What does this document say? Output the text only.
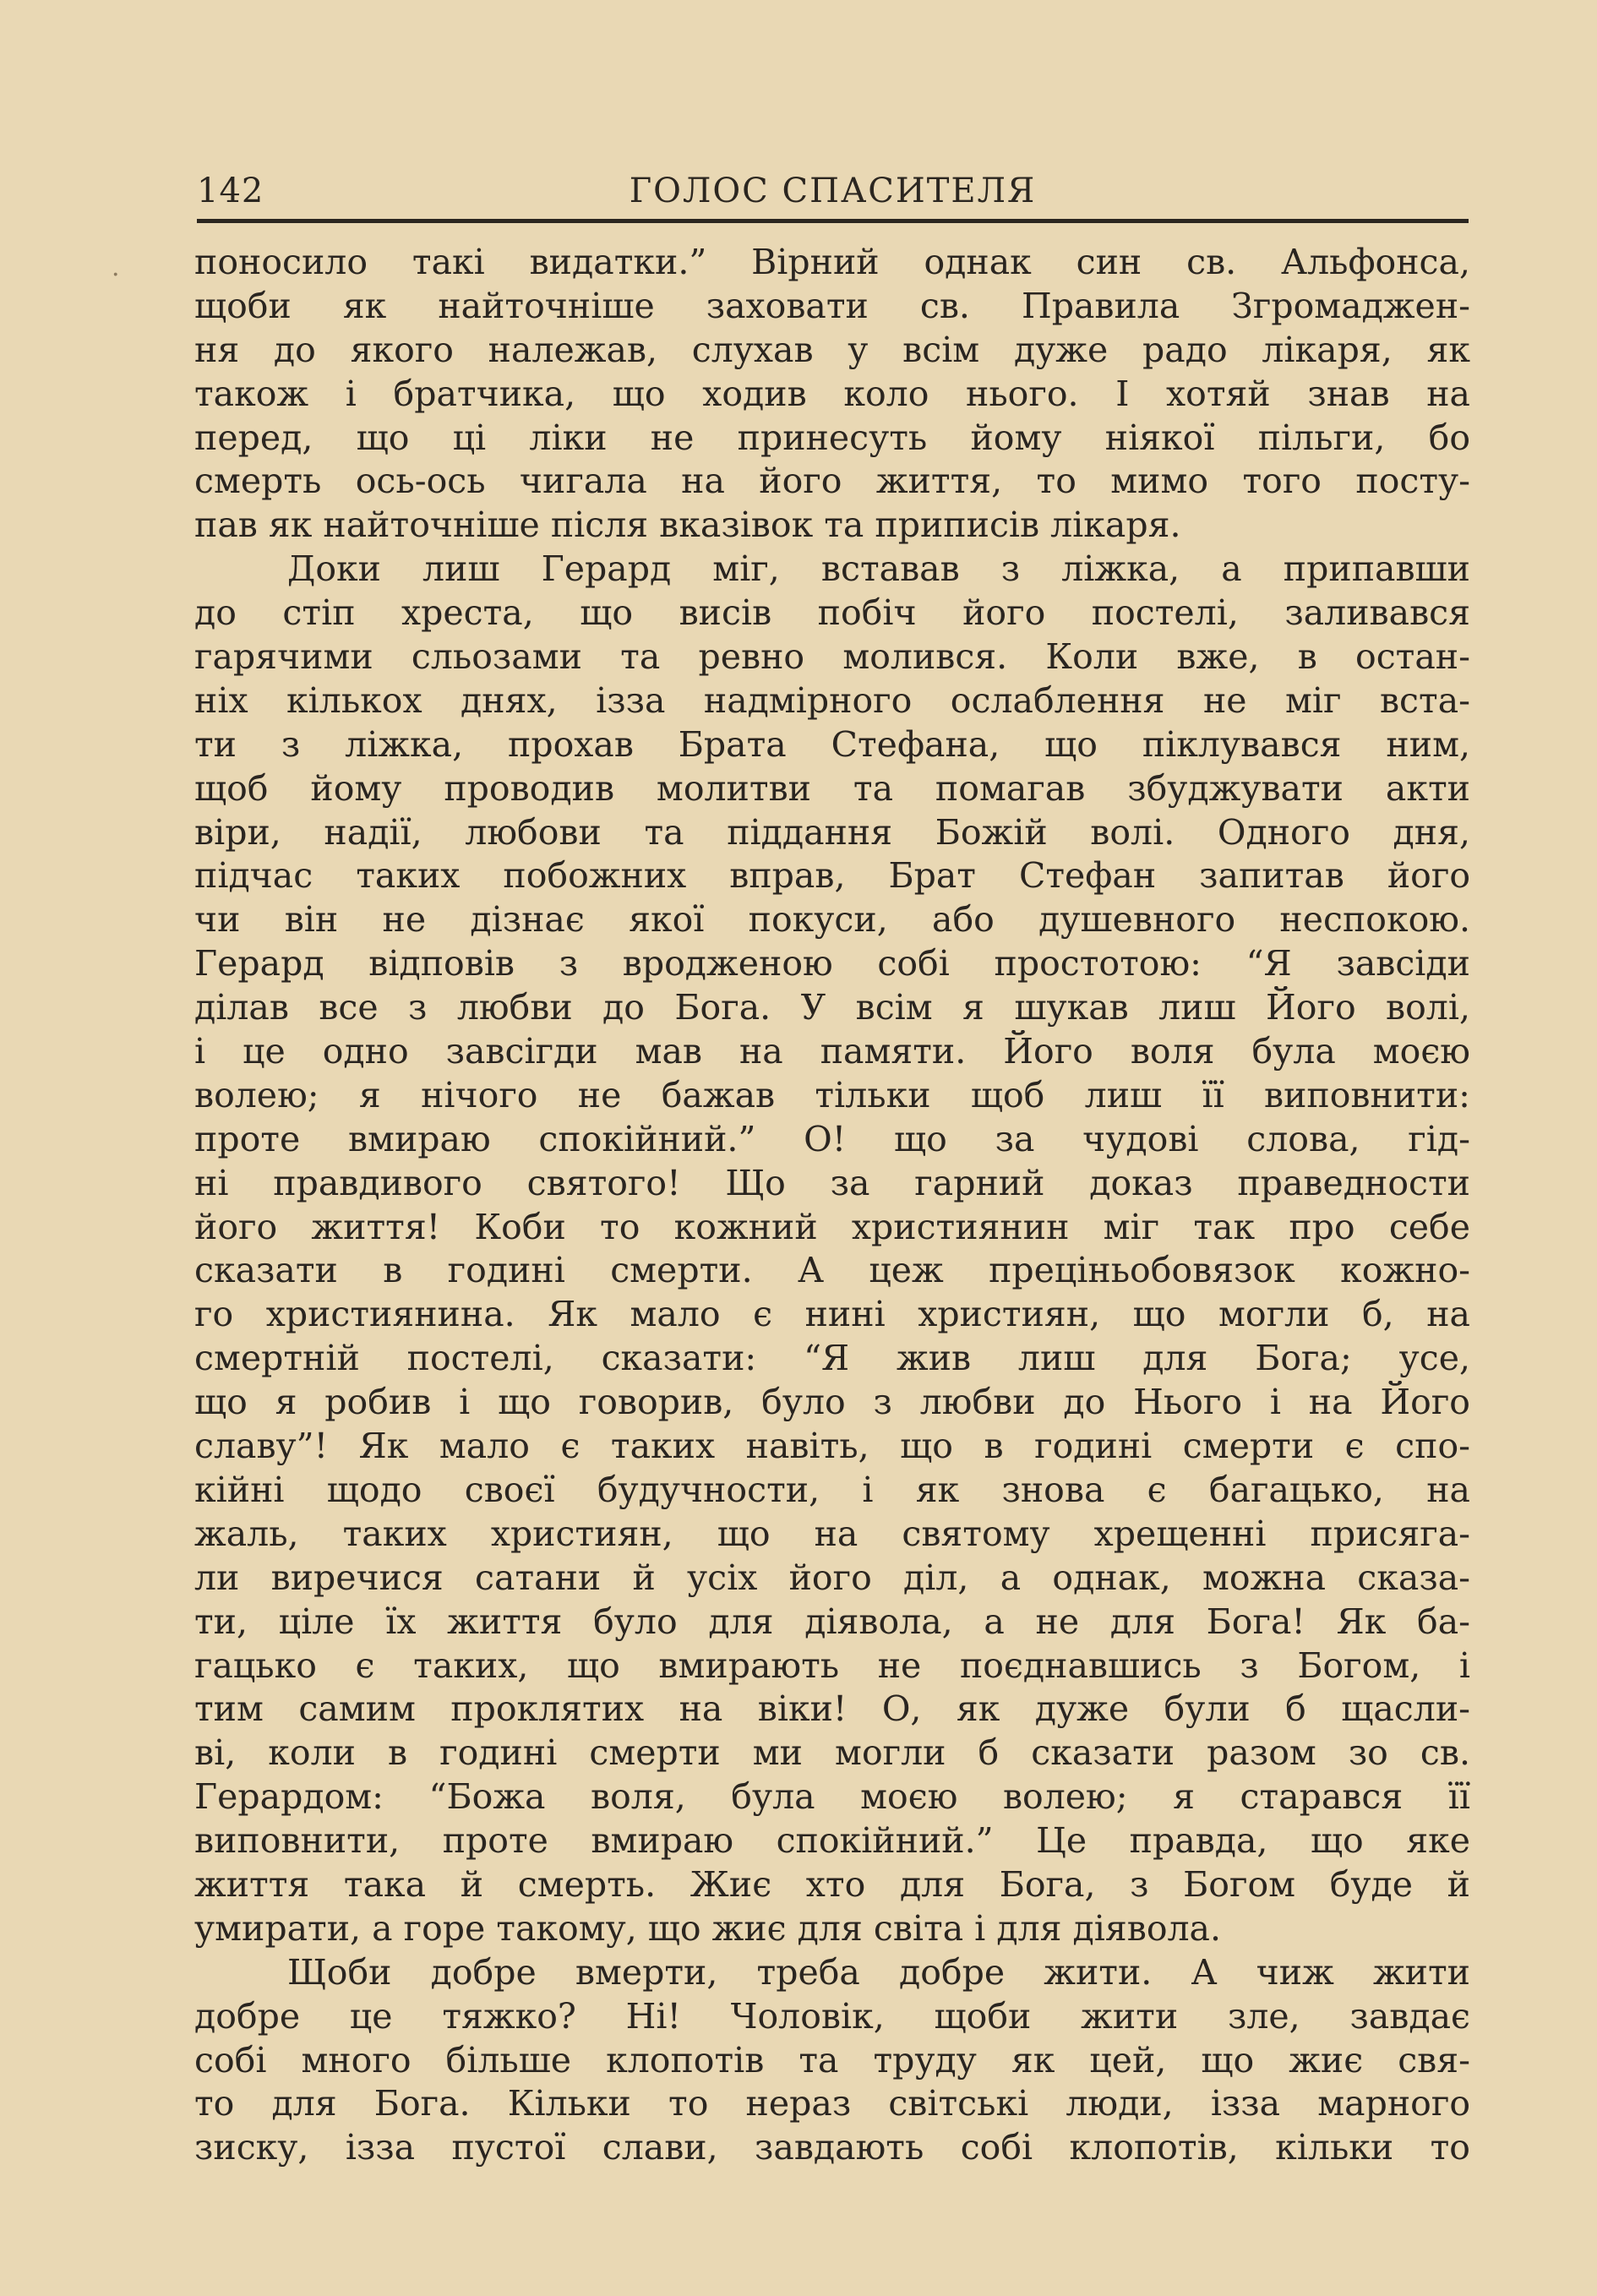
142	ГОЛОС СПАСИТЕЛЯ
· поносило такі видатки.” Вірний однак син св. Альфонса,
щоби як найточніше заховати св. Правила Згромаджен-
ня до якого належав, слухав у всім дуже радо лікаря, як
також і братчика, що ходив коло нього. І хотяй знав на
перед, що ці ліки не принесуть йому ніякої пільги, бо
смерть ось-ось чигала на його життя, то мимо того посту-
пав як найточніше після вказівок та приписів лікаря.
Доки лиш Герард міг, вставав з ліжка, а припавши
до стіп хреста, що висів побіч його постелі, заливався
гарячими сльозами та ревно молився. Коли вже, в остан-
ніх кількох днях, ізза надмірного ослаблення не міг вста-
ти з ліжка, прохав Брата Стефана, що піклувався ним,
щоб йому проводив молитви та помагав збуджувати акти
віри, надії, любови та піддання Божій волі. Одного дня,
підчас таких побожних вправ, Брат Стефан запитав його
чи він не дізнає якої покуси, або душевного неспокою.
Герард відповів з вродженою собі простотою: “Я завсіди
ділав все з любви до Бога. У всім я шукав лиш Його волі,
і це одно завсігди мав на памяти. Його воля була моєю
волею; я нічого не бажав тільки щоб лиш її виповнити:
проте вмираю спокійний.” О! що за чудові слова, гід-
ні правдивого святого! Що за гарний доказ праведности
його життя! Коби то кожний християнин міг так про себе
сказати в годині смерти. А цеж преціньобовязок кожно-
го християнина. Як мало є нині християн, що могли б, на
смертній постелі, сказати: “Я жив лиш для Бога; усе,
що я робив і що говорив, було з любви до Нього і на Його
славу”! Як мало є таких навіть, що в годині смерти є спо-
кійні щодо своєї будучности, і як знова є багацько, на
жаль, таких християн, що на святому хрещенні присяга-
ли виречися сатани й усіх його діл, а однак, можна сказа-
ти, ціле їх життя було для діявола, а не для Бога! Як ба-
гацько є таких, що вмирають не поєднавшись з Богом, і
тим самим проклятих на віки! О, як дуже були б щасли-
ві, коли в годині смерти ми могли б сказати разом зо св.
Герардом: “Божа воля, була моєю волею; я старався її
виповнити, проте вмираю спокійний.” Це правда, що яке
життя така й смерть. Жиє хто для Бога, з Богом буде й
умирати, а горе такому, що жиє для світа і для діявола.
Щоби добре вмерти, треба добре жити. А чиж жити
добре це тяжко? Ні! Чоловік, щоби жити зле, завдає
собі много більше клопотів та труду як цей, що жиє свя-
то для Бога. Кільки то нераз світські люди, ізза марного
зиску, ізза пустої слави, завдають собі клопотів, кільки то
